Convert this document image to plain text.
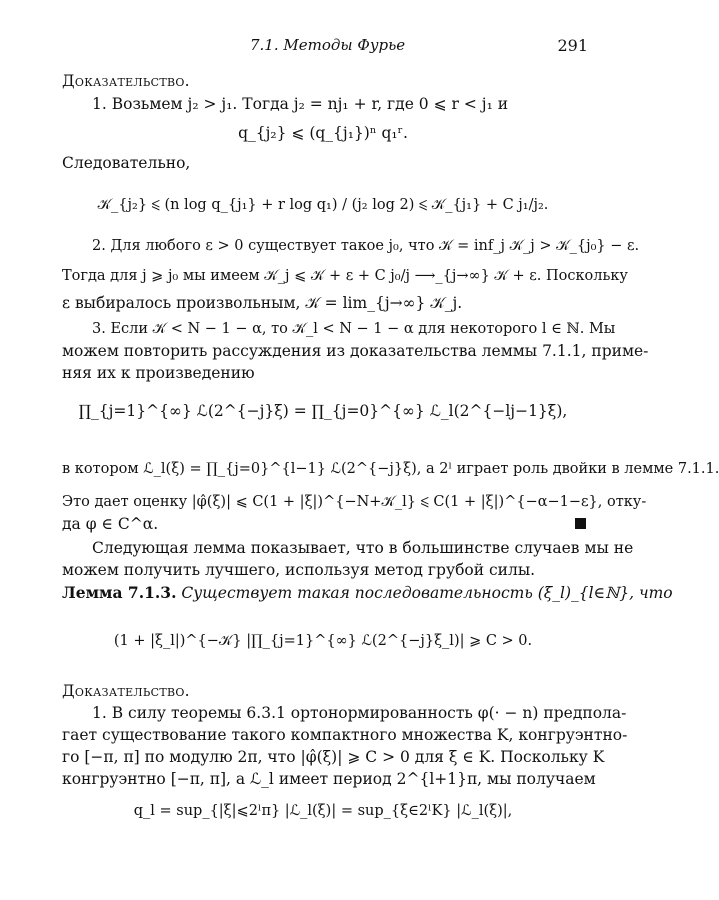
7.1. Методы Фурье	291
Доказательство.
1. Возьмем j₂ > j₁. Тогда j₂ = nj₁ + r, где 0 ⩽ r < j₁ и
q_{j₂} ⩽ (q_{j₁})ⁿ q₁ʳ.
Следовательно,
𝒦_{j₂} ⩽ (n log q_{j₁} + r log q₁) / (j₂ log 2) ⩽ 𝒦_{j₁} + C j₁/j₂.
2. Для любого ε > 0 существует такое j₀, что 𝒦 = inf_j 𝒦_j > 𝒦_{j₀} − ε.
Тогда для j ⩾ j₀ мы имеем 𝒦_j ⩽ 𝒦 + ε + C j₀/j ⟶_{j→∞} 𝒦 + ε. Поскольку
ε выбиралось произвольным, 𝒦 = lim_{j→∞} 𝒦_j.
3. Если 𝒦 < N − 1 − α, то 𝒦_l < N − 1 − α для некоторого l ∈ ℕ. Мы
можем повторить рассуждения из доказательства леммы 7.1.1, приме-
няя их к произведению
∏_{j=1}^{∞} ℒ(2^{−j}ξ) = ∏_{j=0}^{∞} ℒ_l(2^{−lj−1}ξ),
в котором ℒ_l(ξ) = ∏_{j=0}^{l−1} ℒ(2^{−j}ξ), а 2ˡ играет роль двойки в лемме 7.1.1.
Это дает оценку |φ̂(ξ)| ⩽ C(1 + |ξ|)^{−N+𝒦_l} ⩽ C(1 + |ξ|)^{−α−1−ε}, отку-
да φ ∈ C^α.
Следующая лемма показывает, что в большинстве случаев мы не
можем получить лучшего, используя метод грубой силы.
Лемма 7.1.3. Существует такая последовательность (ξ_l)_{l∈ℕ}, что
(1 + |ξ_l|)^{−𝒦} |∏_{j=1}^{∞} ℒ(2^{−j}ξ_l)| ⩾ C > 0.
Доказательство.
1. В силу теоремы 6.3.1 ортонормированность φ(· − n) предпола-
гает существование такого компактного множества K, конгруэнтно-
го [−π, π] по модулю 2π, что |φ̂(ξ)| ⩾ C > 0 для ξ ∈ K. Поскольку K
конгруэнтно [−π, π], а ℒ_l имеет период 2^{l+1}π, мы получаем
q_l = sup_{|ξ|⩽2ˡπ} |ℒ_l(ξ)| = sup_{ξ∈2ˡK} |ℒ_l(ξ)|,
